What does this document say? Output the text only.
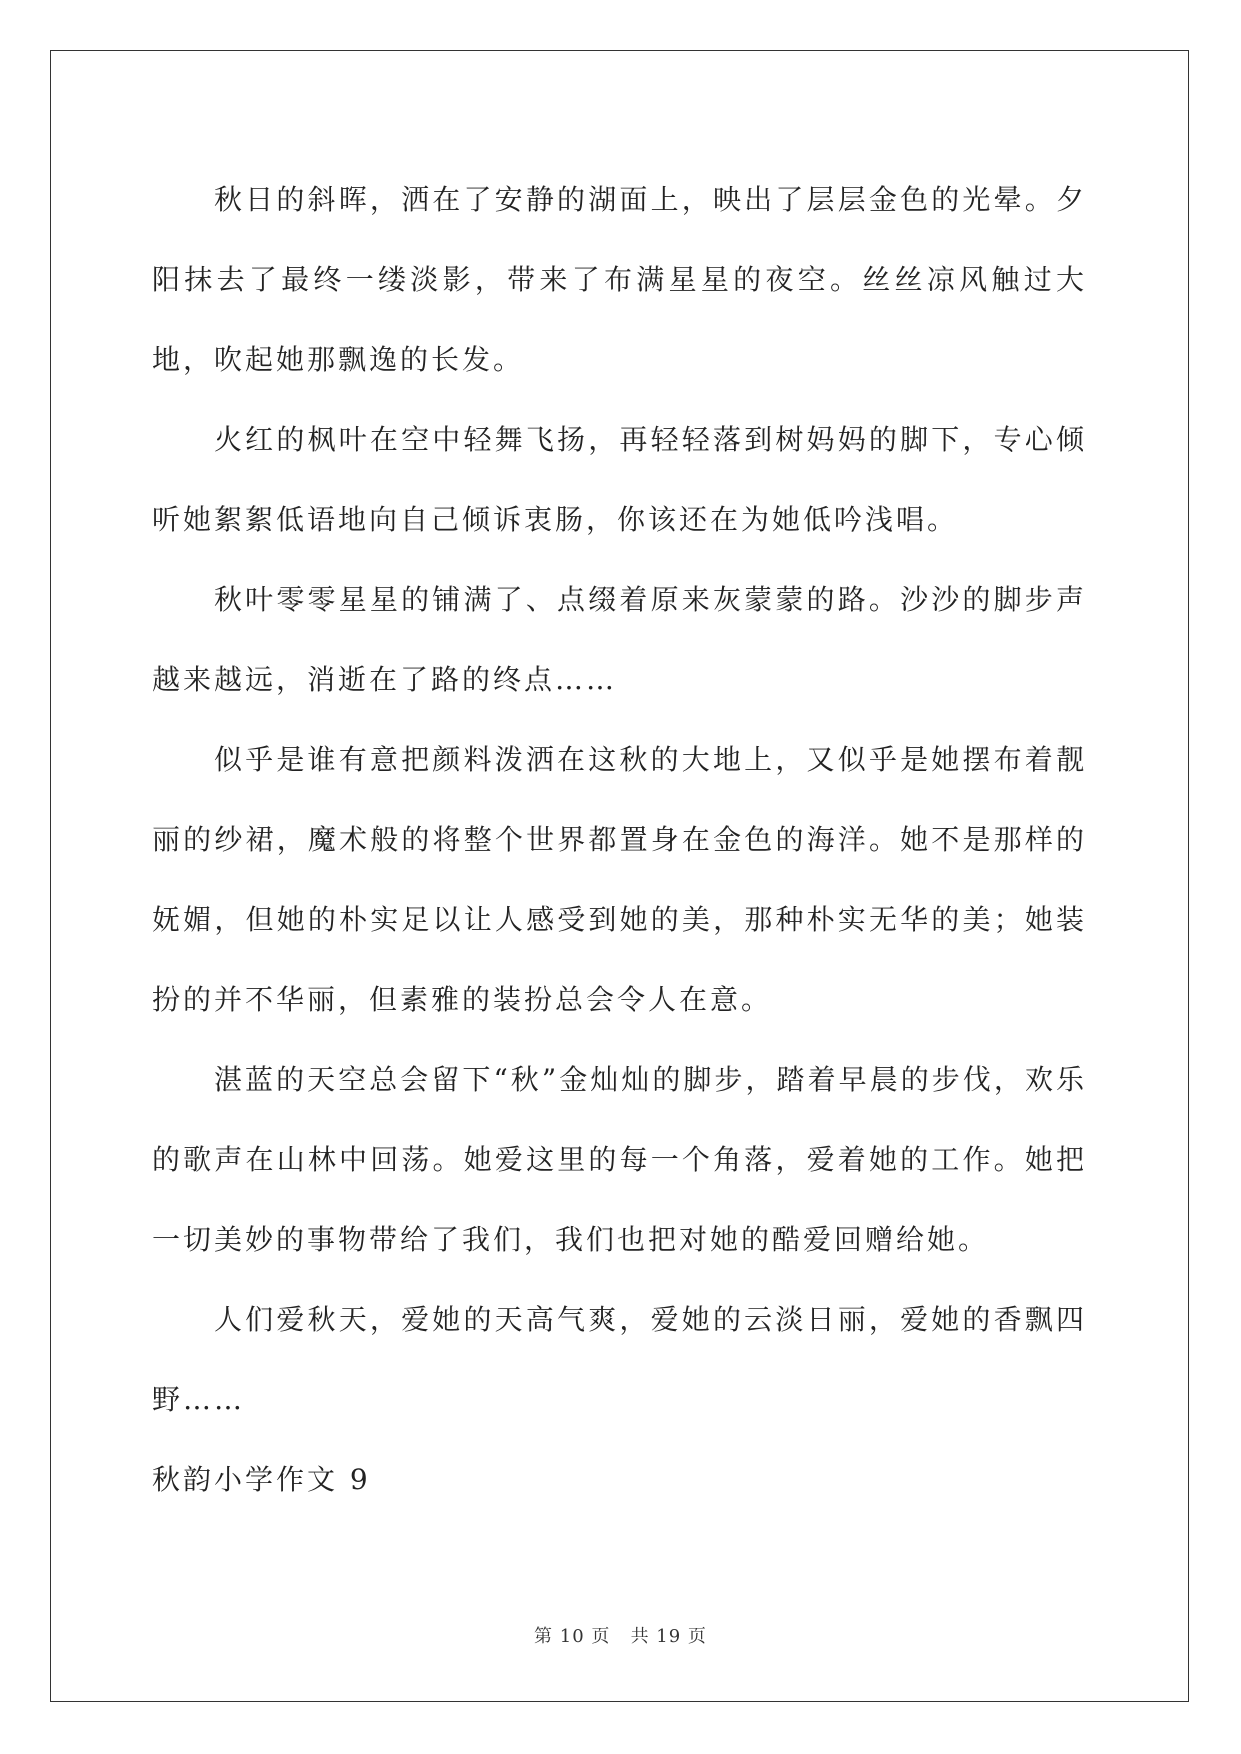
秋日的斜晖，洒在了安静的湖面上，映出了层层金色的光晕。夕阳抹去了最终一缕淡影，带来了布满星星的夜空。丝丝凉风触过大地，吹起她那飘逸的长发。

火红的枫叶在空中轻舞飞扬，再轻轻落到树妈妈的脚下，专心倾听她絮絮低语地向自己倾诉衷肠，你该还在为她低吟浅唱。

秋叶零零星星的铺满了、点缀着原来灰蒙蒙的路。沙沙的脚步声越来越远，消逝在了路的终点……

似乎是谁有意把颜料泼洒在这秋的大地上，又似乎是她摆布着靓丽的纱裙，魔术般的将整个世界都置身在金色的海洋。她不是那样的妩媚，但她的朴实足以让人感受到她的美，那种朴实无华的美；她装扮的并不华丽，但素雅的装扮总会令人在意。

湛蓝的天空总会留下“秋”金灿灿的脚步，踏着早晨的步伐，欢乐的歌声在山林中回荡。她爱这里的每一个角落，爱着她的工作。她把一切美妙的事物带给了我们，我们也把对她的酷爱回赠给她。

人们爱秋天，爱她的天高气爽，爱她的云淡日丽，爱她的香飘四野……

秋韵小学作文 9

第 10 页 共 19 页
